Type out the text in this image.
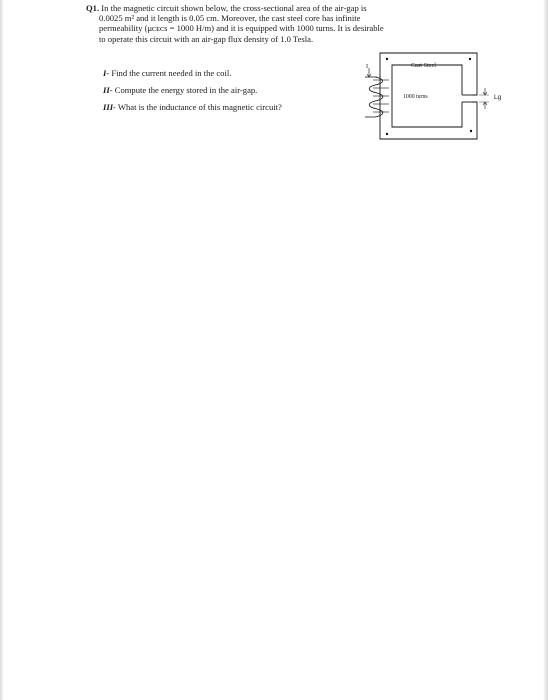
Q1. In the magnetic circuit shown below, the cross-sectional area of the air-gap is
0.0025 m² and it length is 0.05 cm. Moreover, the cast steel core has infinite
permeability (μᴄᴇᴄs = 1000 H/m) and it is equipped with 1000 turns. It is desirable
to operate this circuit with an air-gap flux density of 1.0 Tesla.
I- Find the current needed in the coil.
II- Compute the energy stored in the air-gap.
III- What is the inductance of this magnetic circuit?
I	Cast Steel
1000 turns	Lg
